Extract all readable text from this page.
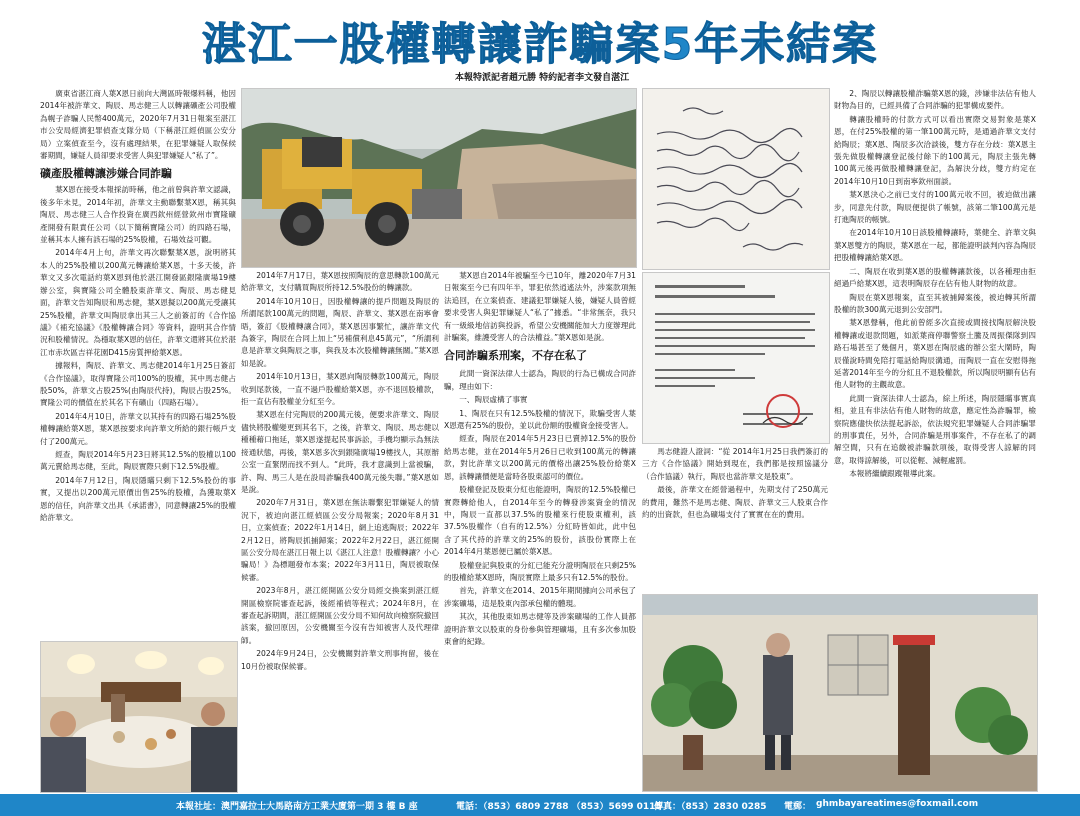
湛江一股權轉讓詐騙案5年未結案
本報特派記者趙元勝 特約記者李文發自湛江

廣東省湛江商人葉X恩日前向大灣區時報爆料稱，他因2014年被許華文、陶辰、馬志健三人以轉讓礦產公司股權為幌子詐騙人民幣400萬元，2020年7月31日報案至湛江市公安局經濟犯罪偵查支隊分局（下稱湛江經偵區公安分局）立案偵查至今，沒有處理結果，在犯罪嫌疑人取保候審期間，嫌疑人員卻要求受害人與犯罪嫌疑人“私了”。

礦產股權轉讓涉嫌合同詐騙

葉X恩在接受本報採訪時稱，他之前曾與許華文認識，後多年未見，2014年初，許華文主動聯繫葉X恩，稱其與陶辰、馬志健三人合作投資在廣西欽州經營欽州市寶隆礦產開發有限責任公司（以下簡稱寶隆公司）的四路石場，並稱其本人擁有該石場的25%股權，石場效益可觀。

2014年4月上旬，許華文再次聯繫葉X恩，說明將其本人的25%股權以200萬元轉讓給葉X恩，十多天後，許華文又多次電話約葉X恩到他於湛江開發區銀隆廣場19樓辦公室，與寶隆公司全體股東許華文、陶辰、馬志健見面，許華文告知陶辰和馬志健，葉X恩擬以200萬元受讓其25%股權，許華文叫陶辰拿出其三人之前簽訂的《合作協議》《補充協議》《股權轉讓合同》等資料，證明其合作情況和股權情況。為穩取葉X恩的信任，許華文還將其位於湛江市赤坎區吉祥花園D415房質押給葉X恩。

據報料，陶辰、許華文、馬志健2014年1月25日簽訂《合作協議》，取得寶隆公司100%的股權，其中馬志健占股50%，許華文占股25%(由陶辰代持)，陶辰占股25%。寶隆公司的價值在於其名下有礦山（四路石場）。

2014年4月10日，許華文以其持有的四路石場25%股權轉讓給葉X恩，葉X恩按要求向許華文所給的銀行帳戶支付了200萬元。

經查，陶辰2014年5月23日將其12.5%的股權以100萬元賣給馬志健，至此，陶辰實際只剩下12.5%股權。

2014年7月12日，陶辰隱瞞只剩下12.5%股份的事實，又提出以200萬元原價出售25%的股權，為獲取葉X恩的信任，向許華文出具《承諾書》，同意轉讓25%的股權給許華文。

2014年7月17日，葉X恩按照陶辰的意思轉款100萬元給許華文，支付購買陶辰所持12.5%股份的轉讓款。

2014年10月10日，因股權轉讓的提戶問題及陶辰的所謂尾款100萬元的問題，陶辰、許華文、葉X恩在南寧會晤，簽訂《股權轉讓合同》，葉X恩因事繁忙，讓許華文代為簽字，陶辰在合同上加上“另補償利息45萬元”，“所謂利息是許華文與陶辰之事，與我及本次股權轉讓無關。”葉X恩如是說。

2014年10月13日，葉X恩向陶辰轉款100萬元，陶辰收到尾款後，一直不過戶股權給葉X恩，亦不退回股權款，拒一直佔有股權並分紅至今。

葉X恩在付完陶辰的200萬元後，便要求許華文、陶辰儘快將股權變更到其名下，之後，許華文、陶辰、馬志健以種種藉口拖延，葉X恩遂提起民事訴訟，手機均顯示為無法接通狀態，再後，葉X恩多次到銀隆廣場19樓找人，其原辦公室一直緊閉而找不到人。“此時，我才意識到上當被騙，許、陶、馬三人是在設局詐騙我400萬元後失聯。”葉X恩如是說。

2020年7月31日，葉X恩在無法聯繫犯罪嫌疑人的情況下，被迫向湛江經偵區公安分局報案；2020年8月31日，立案偵查；2022年1月14日，網上追逃陶辰；2022年2月12日，將陶辰抓捕歸案；2022年2月22日，湛江經開區公安分局在湛江日報上以《湛江人注意！股權轉讓？小心騙局！》為標題發布本案；2022年3月11日，陶辰被取保候審。

2023年8月，湛江經開區公安分局經交換案到湛江經開區檢察院審查起訴，後經補偵等程式；2024年8月，在審查起訴期間，湛江經開區公安分局不知何故向檢察院撤回該案，撤回原因，公安機關至今沒有告知被害人及代理律師。

2024年9月24日，公安機關對許華文刑事拘留，後在10月份被取保候審。

葉X恩自2014年被騙至今已10年，離2020年7月31日報案至今已有四年半，罪犯依然逍遙法外，涉案款項無法追回，在立案偵查、建議犯罪嫌疑人後，嫌疑人員曾經要求受害人與犯罪嫌疑人“私了”據悉。“非常無奈，我只有一級級地信訪與投訴，希望公安機關能加大力度辦理此計騙案，維護受害人的合法權益。”葉X恩如是說。

合同詐騙系刑案，不存在私了

此間一資深法律人士認為，陶辰的行為已構成合同詐騙，理由如下：

一、陶辰虛構了事實

1、陶辰在只有12.5%股權的情況下，欺騙受害人葉X恩還有25%的股份，並以此份額的股權資金接受害人。

經查，陶辰在2014年5月23日已賣掉12.5%的股份給馬志健，並在2014年5月26日已收到100萬元的轉讓款，對比許華文以200萬元的價格出讓25%股份給葉X恩，該轉讓價便是當時各股東認可的價位。

股權登記及股東分紅也能證明，陶辰的12.5%股權已實際轉給他人，自2014年至今的轉發涉案資金的情況中，陶辰一直都以37.5%的股權來行使股東權利，該37.5%股權作（自有的12.5%）分紅時皆如此，此中包含了其代持的許華文的25%的股份，該股份實際上在2014年4月葉恩便已屬於葉X恩。

股權登記與股東的分紅已能充分證明陶辰在只剩25%的股權給葉X恩時，陶辰實際上最多只有12.5%的股份。

首先，許華文在2014、2015年期間據向公司承包了涉案礦場，這是股東內部承包權的體現。

其次，其他股東如馬志健等及涉案礦場的工作人員都證明許華文以股東的身份參與管理礦場，且有多次參加股東會的紀錄。

馬志健證人證詞：“從 2014年1月25日我們簽訂的三方《合作協議》開始到現在，我們都是按照協議分（合作協議）執行，陶辰也當許華文是股東”。

最後，許華文在經營過程中，先期支付了250萬元的費用，難然不是馬志健、陶辰、許華文三人股東合作約的出資款，但也為礦場支付了實實在在的費用。

2、陶辰以轉讓股權詐騙葉X恩的錢，涉嫌非法佔有他人財物為目的，已經具備了合同詐騙的犯罪構成要件。

轉讓股權時的付款方式可以看出實際交易對象是葉X恩，在付25%股權的第一筆100萬元時，是通過許華文支付給陶辰；葉X恩、陶辰多次洽談後，雙方存在分歧：葉X恩主張先做股權轉讓登記後付餘下的100萬元，陶辰主張先轉100萬元後再做股權轉讓登記，為解決分歧，雙方約定在2014年10月10日到南寧欽州面談。

葉X恩決心之前已支付的100萬元收不回，被迫做出讓步，同意先付款，陶辰便提供了帳號，該第二筆100萬元是打進陶辰的帳號。

在2014年10月10日該股權轉讓時，葉健全、許華文與葉X恩雙方的陶辰，葉X恩在一起，都能證明談判內容為陶辰把股權轉讓給葉X恩。

二、陶辰在收到葉X恩的股權轉讓款後，以各種理由拒絕過戶給葉X恩，這表明陶辰存在佔有他人財物的故意。

陶辰在葉X恩報案，直至其被捕歸案後，被迫轉其所謂股權的款300萬元退到公安部門。

葉X恩聲稱，他此前曾經多次直接或間接找陶辰解決股權轉讓或退款問題，如派葉商停聯警察土騰及周振傑隊到四路石場甚至了幾個月，葉X恩在陶辰處的辦公室大鬧時，陶辰僅說時間免陪打電話給陶辰溝通，而陶辰一直在安慰得拖延著2014年至今的分紅且不退股權款，所以陶辰明顯有佔有他人財物的主觀故意。

此間一資深法律人士認為，綜上所述，陶辰隱瞞事實真相，並且有非法佔有他人財物的故意，應定性為詐騙罪，檢察院應儘快依法提起訴訟，依法規究犯罪嫌疑人合同詐騙罪的刑事責任，另外，合同詐騙是刑事案件，不存在私了的調解空間，只有在追繳被詐騙款項後，取得受害人諒解的同意，取得諒解後，可以從輕、減輕處罰。

本報將繼續跟蹤報導此案。

本報社址：澳門嘉拉士大馬路南方工業大廈第一期 3 樓 B 座	電話：（853）6809 2788 （853）5699 0115
傳真：（853）2830 0285 電郵： ghmbayareatimes@foxmail.com
